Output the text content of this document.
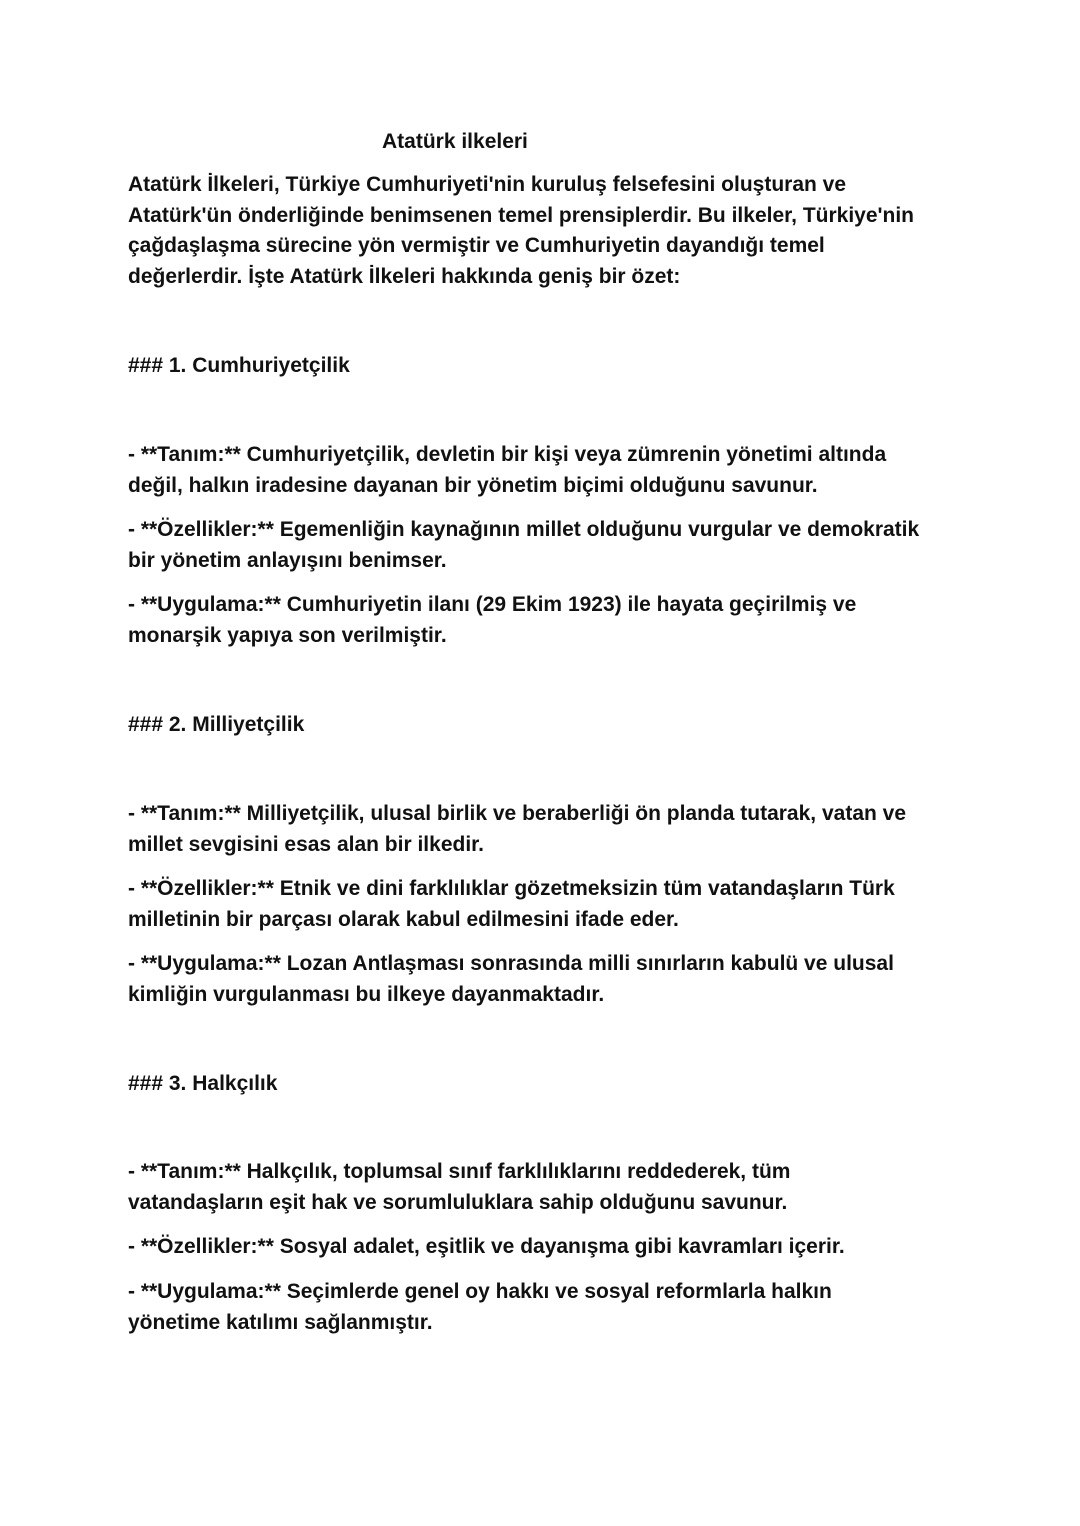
Atatürk ilkeleri

Atatürk İlkeleri, Türkiye Cumhuriyeti'nin kuruluş felsefesini oluşturan ve
Atatürk'ün önderliğinde benimsenen temel prensiplerdir. Bu ilkeler, Türkiye'nin
çağdaşlaşma sürecine yön vermiştir ve Cumhuriyetin dayandığı temel
değerlerdir. İşte Atatürk İlkeleri hakkında geniş bir özet:

### 1. Cumhuriyetçilik

- **Tanım:** Cumhuriyetçilik, devletin bir kişi veya zümrenin yönetimi altında
değil, halkın iradesine dayanan bir yönetim biçimi olduğunu savunur.

- **Özellikler:** Egemenliğin kaynağının millet olduğunu vurgular ve demokratik
bir yönetim anlayışını benimser.

- **Uygulama:** Cumhuriyetin ilanı (29 Ekim 1923) ile hayata geçirilmiş ve
monarşik yapıya son verilmiştir.

### 2. Milliyetçilik

- **Tanım:** Milliyetçilik, ulusal birlik ve beraberliği ön planda tutarak, vatan ve
millet sevgisini esas alan bir ilkedir.

- **Özellikler:** Etnik ve dini farklılıklar gözetmeksizin tüm vatandaşların Türk
milletinin bir parçası olarak kabul edilmesini ifade eder.

- **Uygulama:** Lozan Antlaşması sonrasında milli sınırların kabulü ve ulusal
kimliğin vurgulanması bu ilkeye dayanmaktadır.

### 3. Halkçılık

- **Tanım:** Halkçılık, toplumsal sınıf farklılıklarını reddederek, tüm
vatandaşların eşit hak ve sorumluluklara sahip olduğunu savunur.

- **Özellikler:** Sosyal adalet, eşitlik ve dayanışma gibi kavramları içerir.

- **Uygulama:** Seçimlerde genel oy hakkı ve sosyal reformlarla halkın
yönetime katılımı sağlanmıştır.
